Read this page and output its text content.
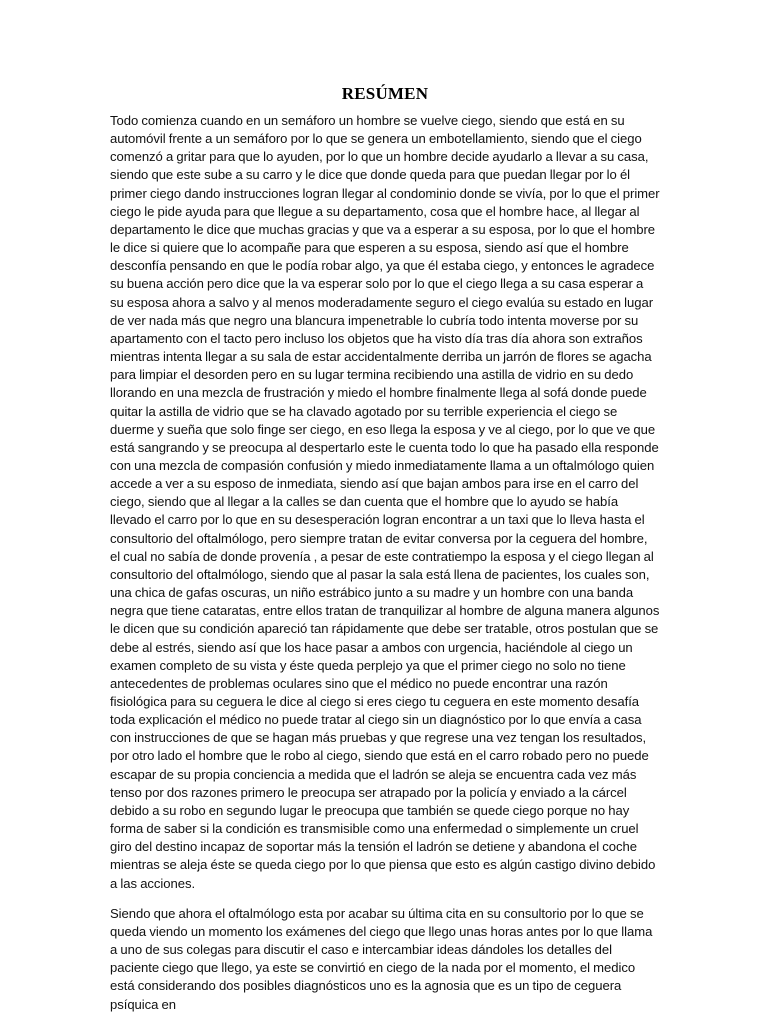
RESÚMEN

Todo comienza cuando en un semáforo un hombre se vuelve ciego, siendo que está en su automóvil frente a un semáforo por lo que se genera un embotellamiento, siendo que el ciego comenzó a gritar para que lo ayuden, por lo que un hombre decide ayudarlo a llevar a su casa, siendo que este sube a su carro y le dice que donde queda para que puedan llegar por lo él primer ciego dando instrucciones logran llegar al condominio donde se vivía, por lo que el primer ciego le pide ayuda para que llegue a su departamento, cosa que el hombre hace, al llegar al departamento le dice que muchas gracias y que va a esperar a su esposa, por lo que el hombre le dice si quiere que lo acompañe para que esperen a su esposa, siendo así que el hombre desconfía pensando en que le podía robar algo, ya que él estaba ciego, y entonces le agradece su buena acción pero dice que la va esperar solo por lo que el ciego llega a su casa esperar a su esposa ahora a salvo y al menos moderadamente seguro el ciego evalúa su estado en lugar de ver nada más que negro una blancura impenetrable lo cubría todo intenta moverse por su apartamento con el tacto pero incluso los objetos que ha visto día tras día ahora son extraños mientras intenta llegar a su sala de estar accidentalmente derriba un jarrón de flores se agacha para limpiar el desorden pero en su lugar termina recibiendo una astilla de vidrio en su dedo llorando en una mezcla de frustración y miedo el hombre finalmente llega al sofá donde puede quitar la astilla de vidrio que se ha clavado agotado por su terrible experiencia el ciego se duerme y sueña que solo finge ser ciego, en eso llega la esposa y ve al ciego, por lo que ve que está sangrando y se preocupa al despertarlo este le cuenta todo lo que ha pasado ella responde con una mezcla de compasión confusión y miedo inmediatamente llama a un oftalmólogo quien accede a ver a su esposo de inmediata, siendo así que bajan ambos para irse en el carro del ciego, siendo que al llegar a la calles se dan cuenta que el hombre que lo ayudo se había llevado el carro por lo que en su desesperación logran encontrar a un taxi que lo lleva hasta el consultorio del oftalmólogo, pero siempre tratan de evitar conversa por la ceguera del hombre, el cual no sabía de donde provenía , a pesar de este contratiempo la esposa y el ciego llegan al consultorio del oftalmólogo, siendo que al pasar la sala está llena de pacientes, los cuales son, una chica de gafas oscuras, un niño estrábico junto a su madre y un hombre con una banda negra que tiene cataratas, entre ellos tratan de tranquilizar al hombre de alguna manera algunos le dicen que su condición apareció tan rápidamente que debe ser tratable, otros postulan que se debe al estrés, siendo así que los hace pasar a ambos con urgencia, haciéndole al ciego un examen completo de su vista y éste queda perplejo ya que el primer ciego no solo no tiene antecedentes de problemas oculares sino que el médico no puede encontrar una razón fisiológica para su ceguera le dice al ciego si eres ciego tu ceguera en este momento desafía toda explicación el médico no puede tratar al ciego sin un diagnóstico por lo que envía a casa con instrucciones de que se hagan más pruebas y que regrese una vez tengan los resultados, por otro lado el hombre que le robo al ciego, siendo que está en el carro robado pero no puede escapar de su propia conciencia a medida que el ladrón se aleja se encuentra cada vez más tenso por dos razones primero le preocupa ser atrapado por la policía y enviado a la cárcel debido a su robo en segundo lugar le preocupa que también se quede ciego porque no hay forma de saber si la condición es transmisible como una enfermedad o simplemente un cruel giro del destino incapaz de soportar más la tensión el ladrón se detiene y abandona el coche mientras se aleja éste se queda ciego por lo que piensa que esto es algún castigo divino debido a las acciones.

Siendo que ahora el oftalmólogo esta por acabar su última cita en su consultorio por lo que se queda viendo un momento los exámenes del ciego que llego unas horas antes por lo que llama a uno de sus colegas para discutir el caso e intercambiar ideas dándoles los detalles del paciente ciego que llego, ya este se convirtió en ciego de la nada por el momento, el medico está considerando dos posibles diagnósticos uno es la agnosia que es un tipo de ceguera psíquica en
